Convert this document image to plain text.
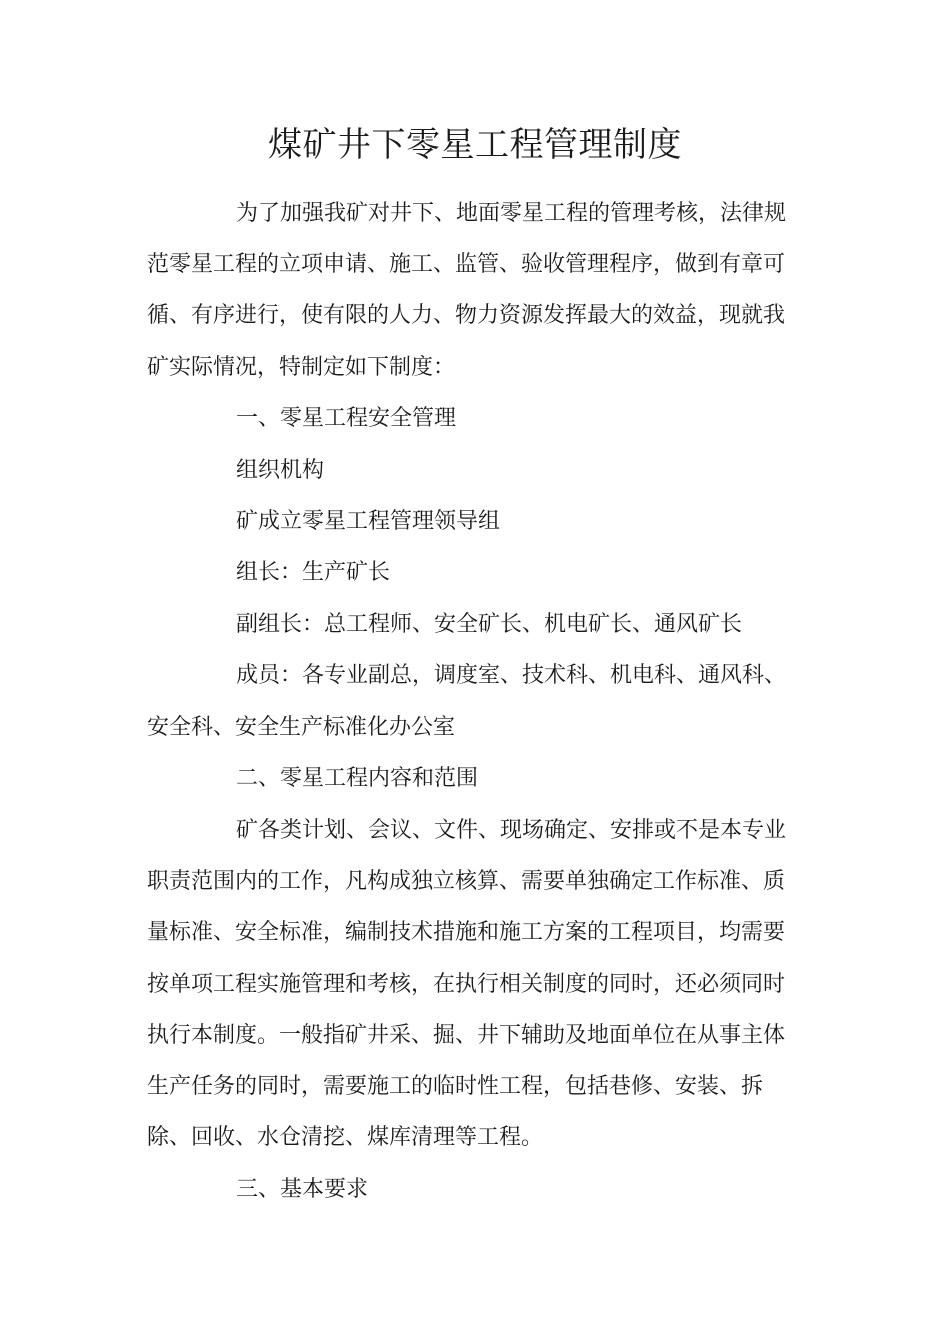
煤矿井下零星工程管理制度

为了加强我矿对井下、地面零星工程的管理考核，法律规

范零星工程的立项申请、施工、监管、验收管理程序，做到有章可

循、有序进行，使有限的人力、物力资源发挥最大的效益，现就我

矿实际情况，特制定如下制度：

一、零星工程安全管理

组织机构

矿成立零星工程管理领导组

组长：生产矿长

副组长：总工程师、安全矿长、机电矿长、通风矿长

成员：各专业副总，调度室、技术科、机电科、通风科、

安全科、安全生产标准化办公室

二、零星工程内容和范围

矿各类计划、会议、文件、现场确定、安排或不是本专业

职责范围内的工作，凡构成独立核算、需要单独确定工作标准、质

量标准、安全标准，编制技术措施和施工方案的工程项目，均需要

按单项工程实施管理和考核，在执行相关制度的同时，还必须同时

执行本制度。一般指矿井采、掘、井下辅助及地面单位在从事主体

生产任务的同时，需要施工的临时性工程，包括巷修、安装、拆

除、回收、水仓清挖、煤库清理等工程。

三、基本要求
